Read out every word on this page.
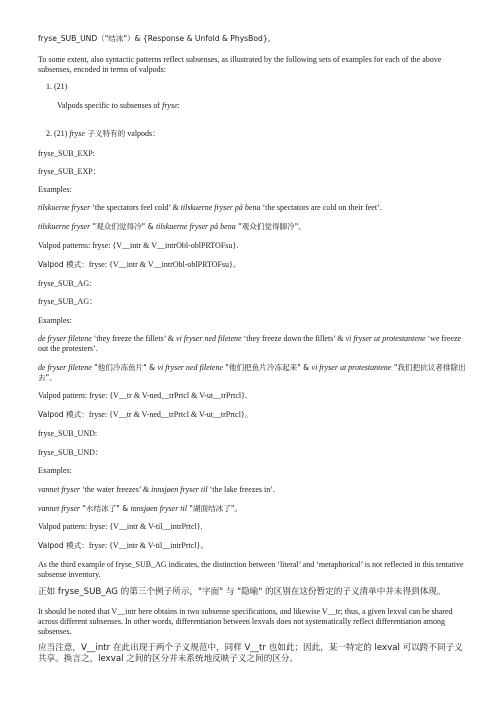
fryse_SUB_UND（"结冰"）& {Response & Unfold & PhysBod}。

To some extent, also syntactic patterns reflect subsenses, as illustrated by the following sets of examples for each of the above subsenses, encoded in terms of valpods:

1. (21)

Valpods specific to subsenses of fryse:

2. (21) fryse 子义特有的 valpods：

fryse_SUB_EXP:

fryse_SUB_EXP：

Examples:

tilskuerne fryser ‘the spectators feel cold’ & tilskuerne fryser på bena ‘the spectators are cold on their feet’.

tilskuerne fryser "观众们觉得冷" & tilskuerne fryser på bena "观众们觉得脚冷"。

Valpod patterns: fryse: {V__intr & V__intrObl-oblPRTOFsu}.

Valpod 模式：fryse: {V__intr & V__intrObl-oblPRTOFsu}。

fryse_SUB_AG:

fryse_SUB_AG：

Examples:

de fryser filetene ‘they freeze the fillets’ & vi fryser ned filetene ‘they freeze down the fillets’ & vi fryser ut protestantene ‘we freeze out the protesters’.

de fryser filetene "他们冷冻鱼片" & vi fryser ned filetene "他们把鱼片冷冻起来" & vi fryser ut protestantene "我们把抗议者排除出去"。

Valpod pattern: fryse: {V__tr & V-ned__trPrtcl & V-ut__trPrtcl}.

Valpod 模式：fryse: {V__tr & V-ned__trPrtcl & V-ut__trPrtcl}。

fryse_SUB_UND:

fryse_SUB_UND：

Examples:

vannet fryser ‘the water freezes’ & innsjøen fryser til ‘the lake freezes in’.

vannet fryser "水结冰了" & innsjøen fryser til "湖面结冰了"。

Valpod pattern: fryse: {V__intr & V-til__intrPrtcl}.

Valpod 模式：fryse: {V__intr & V-til__intrPrtcl}。

As the third example of fryse_SUB_AG indicates, the distinction between ‘literal’ and ‘metaphorical’ is not reflected in this tentative subsense inventory.

正如 fryse_SUB_AG 的第三个例子所示，"字面" 与 "隐喻" 的区别在这份暂定的子义清单中并未得到体现。

It should be noted that V__intr here obtains in two subsense specifications, and likewise V__tr; thus, a given lexval can be shared across different subsenses. In other words, differentiation between lexvals does not systematically reflect differentiation among subsenses.

应当注意，V__intr 在此出现于两个子义规范中，同样 V__tr 也如此；因此，某一特定的 lexval 可以跨不同子义共享。换言之，lexval 之间的区分并未系统地反映子义之间的区分。
